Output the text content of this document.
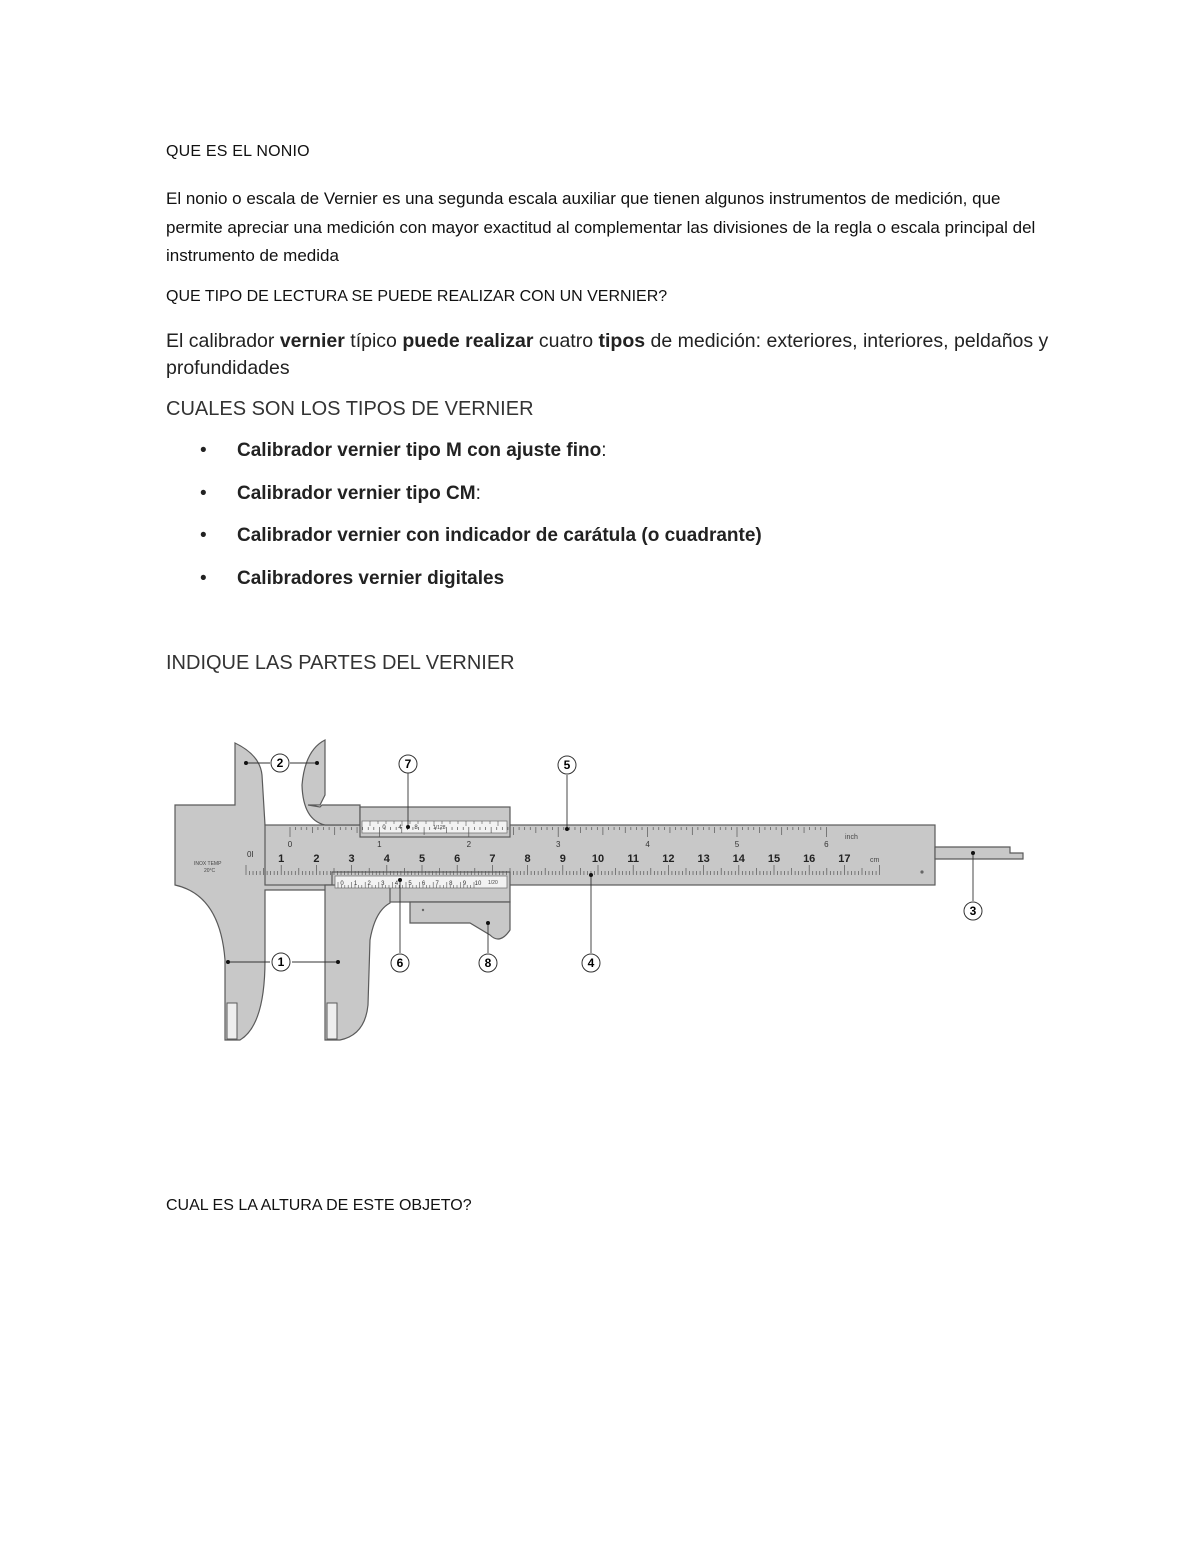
QUE ES EL NONIO
El nonio o escala de Vernier es una segunda escala auxiliar que tienen algunos instrumentos de medición, que permite apreciar una medición con mayor exactitud al complementar las divisiones de la regla o escala principal del instrumento de medida
QUE TIPO DE LECTURA SE PUEDE REALIZAR CON UN VERNIER?
El calibrador vernier típico puede realizar cuatro tipos de medición: exteriores, interiores, peldaños y profundidades
CUALES SON LOS TIPOS DE VERNIER
• Calibrador vernier tipo M con ajuste fino:
• Calibrador vernier tipo CM:
• Calibrador vernier con indicador de carátula (o cuadrante)
• Calibradores vernier digitales
INDIQUE LAS PARTES DEL VERNIER
1	2	3	4	5	6	7	8	9 10 11 12 13 14 15 16 17
0	1	2	3	4	5	6
0 1 2 3 4 5 6 7 8 9 10
0 4 8
inch
cm
0I
INOX TEMP
20°C
1/128
1/20
2	7	5
3
1	6	8	4
CUAL ES LA ALTURA DE ESTE OBJETO?
